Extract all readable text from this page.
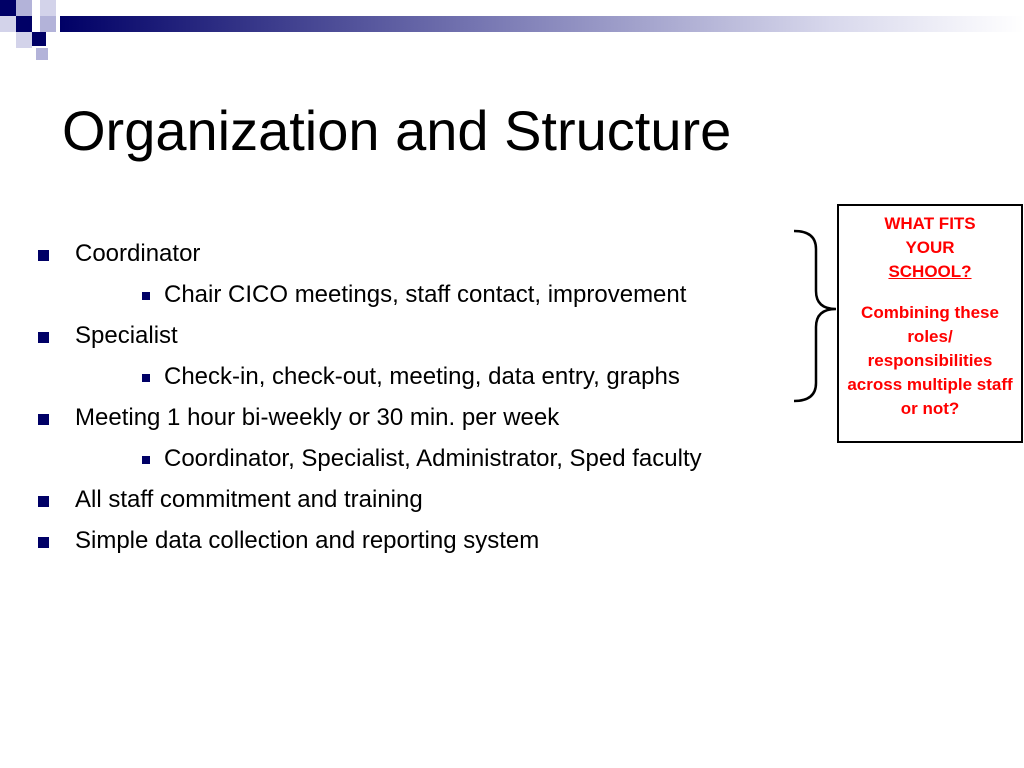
Organization and Structure
Coordinator
Chair CICO meetings, staff contact, improvement
Specialist
Check-in, check-out, meeting, data entry, graphs
Meeting 1 hour bi-weekly or 30 min. per week
Coordinator, Specialist, Administrator, Sped faculty
All staff commitment and training
Simple data collection and reporting system
WHAT FITS
YOUR
SCHOOL?
Combining these roles/ responsibilities across multiple staff or not?
